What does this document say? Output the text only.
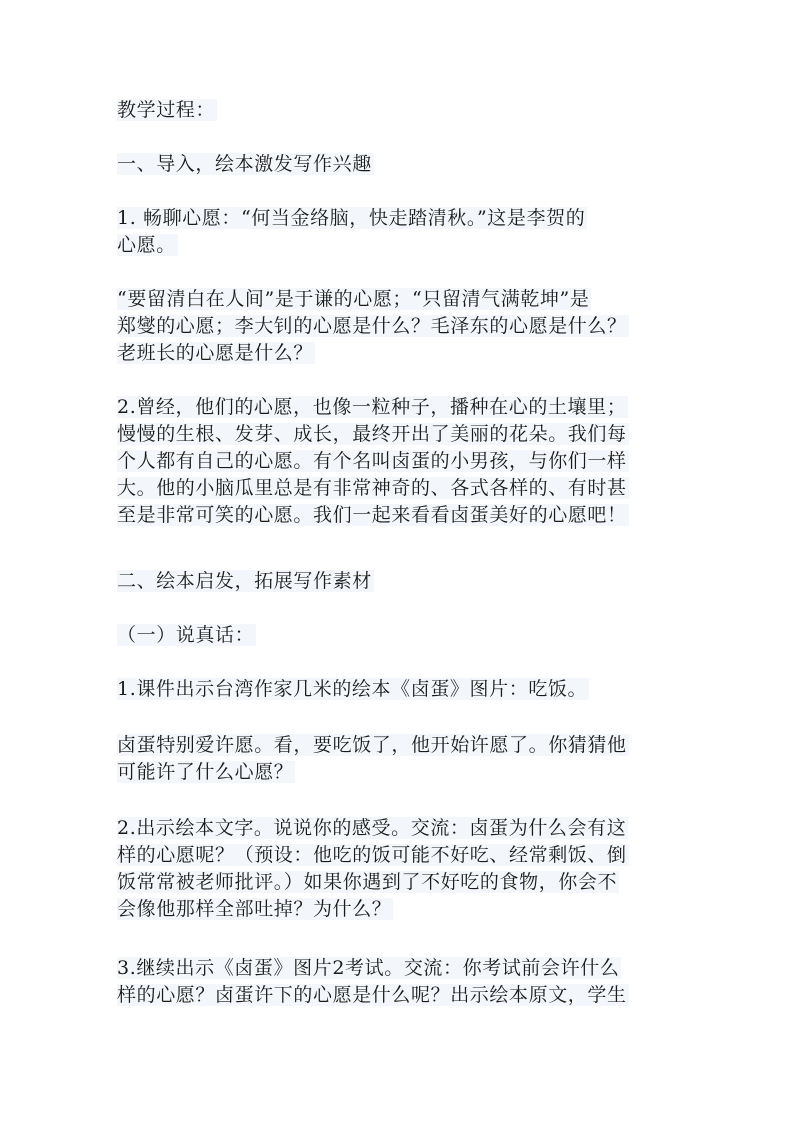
教学过程：

一、导入，绘本激发写作兴趣

1. 畅聊心愿：“何当金络脑，快走踏清秋。”这是李贺的
心愿。

“要留清白在人间”是于谦的心愿；“只留清气满乾坤”是
郑燮的心愿；李大钊的心愿是什么？毛泽东的心愿是什么？
老班长的心愿是什么？

2.曾经，他们的心愿，也像一粒种子，播种在心的土壤里；
慢慢的生根、发芽、成长，最终开出了美丽的花朵。我们每
个人都有自己的心愿。有个名叫卤蛋的小男孩，与你们一样
大。他的小脑瓜里总是有非常神奇的、各式各样的、有时甚
至是非常可笑的心愿。我们一起来看看卤蛋美好的心愿吧！

二、绘本启发，拓展写作素材

（一）说真话：

1.课件出示台湾作家几米的绘本《卤蛋》图片：吃饭。

卤蛋特别爱许愿。看，要吃饭了，他开始许愿了。你猜猜他
可能许了什么心愿？

2.出示绘本文字。说说你的感受。交流：卤蛋为什么会有这
样的心愿呢？（预设：他吃的饭可能不好吃、经常剩饭、倒
饭常常被老师批评。）如果你遇到了不好吃的食物，你会不
会像他那样全部吐掉？为什么？

3.继续出示《卤蛋》图片2考试。交流：你考试前会许什么
样的心愿？卤蛋许下的心愿是什么呢？出示绘本原文，学生
